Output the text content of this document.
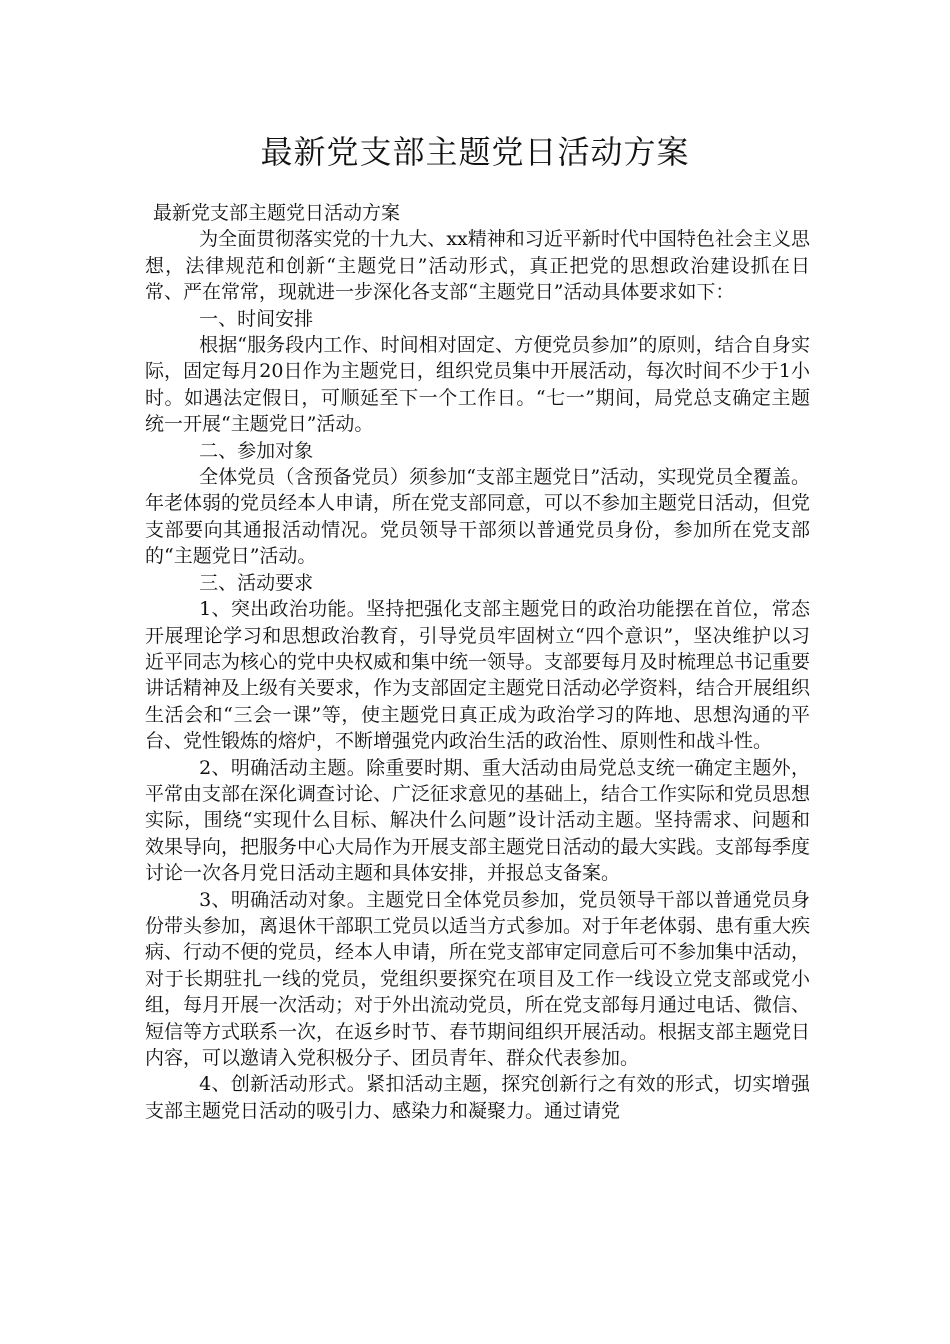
最新党支部主题党日活动方案

最新党支部主题党日活动方案

为全面贯彻落实党的十九大、xx精神和习近平新时代中国特色社会主义思想，法律规范和创新“主题党日”活动形式，真正把党的思想政治建设抓在日常、严在常常，现就进一步深化各支部“主题党日”活动具体要求如下：

一、时间安排

根据“服务段内工作、时间相对固定、方便党员参加”的原则，结合自身实际，固定每月20日作为主题党日，组织党员集中开展活动，每次时间不少于1小时。如遇法定假日，可顺延至下一个工作日。“七一”期间，局党总支确定主题统一开展“主题党日”活动。

二、参加对象

全体党员（含预备党员）须参加“支部主题党日”活动，实现党员全覆盖。年老体弱的党员经本人申请，所在党支部同意，可以不参加主题党日活动，但党支部要向其通报活动情况。党员领导干部须以普通党员身份，参加所在党支部的“主题党日”活动。

三、活动要求

1、突出政治功能。坚持把强化支部主题党日的政治功能摆在首位，常态开展理论学习和思想政治教育，引导党员牢固树立“四个意识”，坚决维护以习近平同志为核心的党中央权威和集中统一领导。支部要每月及时梳理总书记重要讲话精神及上级有关要求，作为支部固定主题党日活动必学资料，结合开展组织生活会和“三会一课”等，使主题党日真正成为政治学习的阵地、思想沟通的平台、党性锻炼的熔炉，不断增强党内政治生活的政治性、原则性和战斗性。

2、明确活动主题。除重要时期、重大活动由局党总支统一确定主题外，平常由支部在深化调查讨论、广泛征求意见的基础上，结合工作实际和党员思想实际，围绕“实现什么目标、解决什么问题”设计活动主题。坚持需求、问题和效果导向，把服务中心大局作为开展支部主题党日活动的最大实践。支部每季度讨论一次各月党日活动主题和具体安排，并报总支备案。

3、明确活动对象。主题党日全体党员参加，党员领导干部以普通党员身份带头参加，离退休干部职工党员以适当方式参加。对于年老体弱、患有重大疾病、行动不便的党员，经本人申请，所在党支部审定同意后可不参加集中活动，对于长期驻扎一线的党员，党组织要探究在项目及工作一线设立党支部或党小组，每月开展一次活动；对于外出流动党员，所在党支部每月通过电话、微信、短信等方式联系一次，在返乡时节、春节期间组织开展活动。根据支部主题党日内容，可以邀请入党积极分子、团员青年、群众代表参加。

4、创新活动形式。紧扣活动主题，探究创新行之有效的形式，切实增强支部主题党日活动的吸引力、感染力和凝聚力。通过请党
